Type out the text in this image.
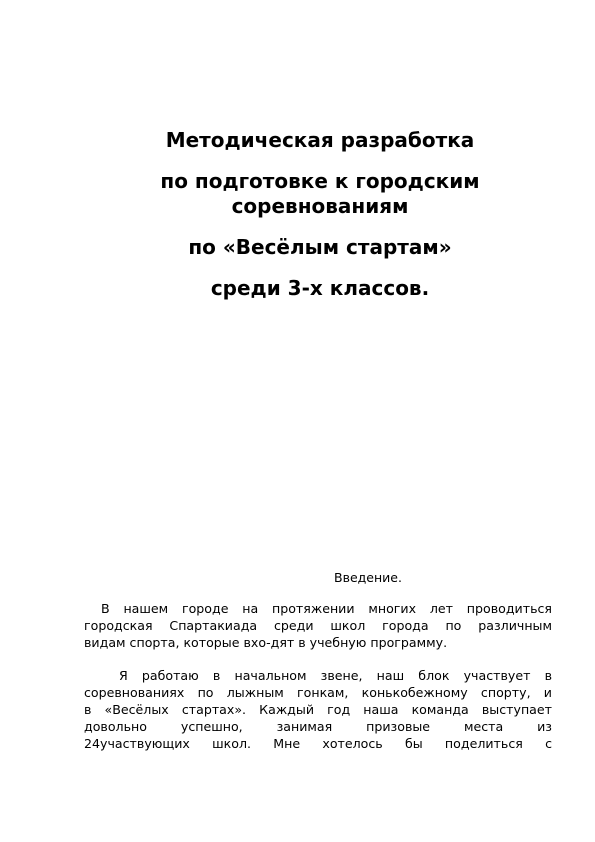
Методическая разработка
по подготовке к городским
соревнованиям
по «Весёлым стартам»
среди 3-х классов.
Введение.
В нашем городе на протяжении многих лет проводиться
городская Спартакиада среди школ города по различным
видам спорта, которые вхо-дят в учебную программу.
Я работаю в начальном звене, наш блок участвует в
соревнованиях по лыжным гонкам, конькобежному спорту, и
в «Весёлых стартах». Каждый год наша команда выступает
довольно успешно, занимая призовые места из
24участвующих школ. Мне хотелось бы поделиться с
